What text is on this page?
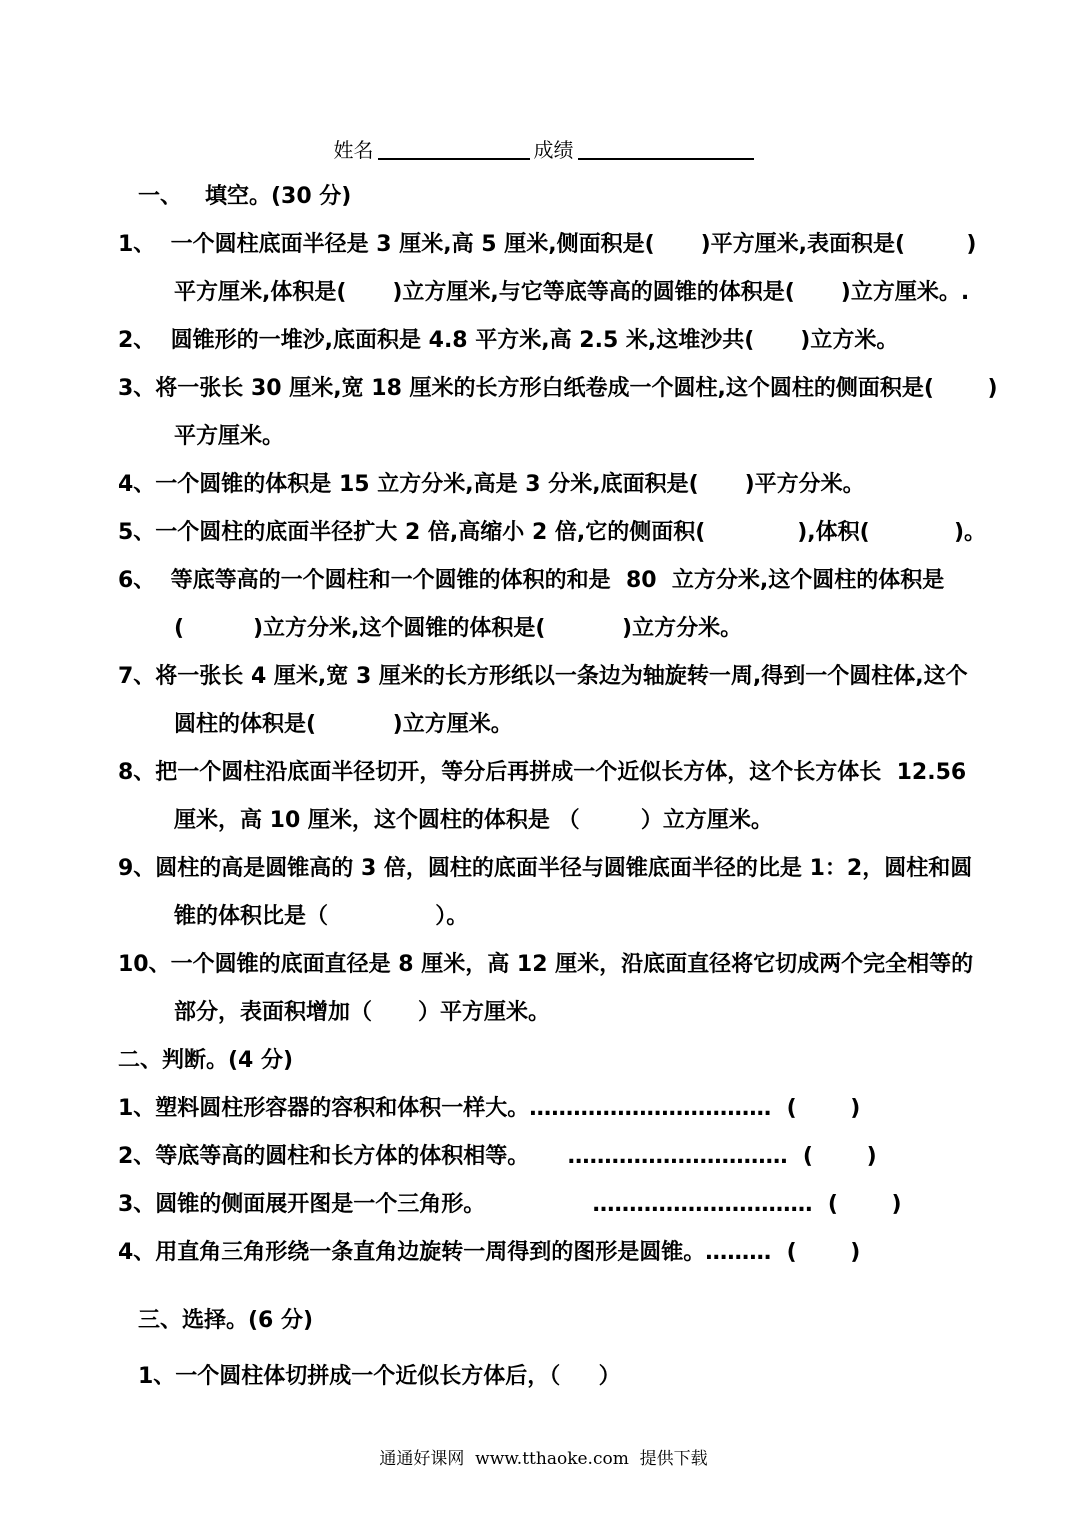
姓名	成绩
一、   填空。(30 分)
1、  一个圆柱底面半径是 3 厘米,高 5 厘米,侧面积是(      )平方厘米,表面积是(        )
平方厘米,体积是(      )立方厘米,与它等底等高的圆锥的体积是(      )立方厘米。.
2、  圆锥形的一堆沙,底面积是 4.8 平方米,高 2.5 米,这堆沙共(      )立方米。
3、将一张长 30 厘米,宽 18 厘米的长方形白纸卷成一个圆柱,这个圆柱的侧面积是(       )
平方厘米。
4、一个圆锥的体积是 15 立方分米,高是 3 分米,底面积是(      )平方分米。
5、一个圆柱的底面半径扩大 2 倍,高缩小 2 倍,它的侧面积(            ),体积(           )。
6、  等底等高的一个圆柱和一个圆锥的体积的和是  80  立方分米,这个圆柱的体积是
(         )立方分米,这个圆锥的体积是(          )立方分米。
7、将一张长 4 厘米,宽 3 厘米的长方形纸以一条边为轴旋转一周,得到一个圆柱体,这个
圆柱的体积是(          )立方厘米。
8、把一个圆柱沿底面半径切开，等分后再拼成一个近似长方体，这个长方体长  12.56
厘米，高 10 厘米，这个圆柱的体积是 （        ）立方厘米。
9、圆柱的高是圆锥高的 3 倍，圆柱的底面半径与圆锥底面半径的比是 1：2，圆柱和圆
锥的体积比是（              ）。
10、一个圆锥的底面直径是 8 厘米，高 12 厘米，沿底面直径将它切成两个完全相等的
部分，表面积增加（      ）平方厘米。
二、判断。(4 分)
1、塑料圆柱形容器的容积和体积一样大。……………………………  (       )
2、等底等高的圆柱和长方体的体积相等。     …………………………  (       )
3、圆锥的侧面展开图是一个三角形。              …………………………  (       )
4、用直角三角形绕一条直角边旋转一周得到的图形是圆锥。………  (       )
三、选择。(6 分)
1、一个圆柱体切拼成一个近似长方体后，（     ）
通通好课网  www.tthaoke.com  提供下载
